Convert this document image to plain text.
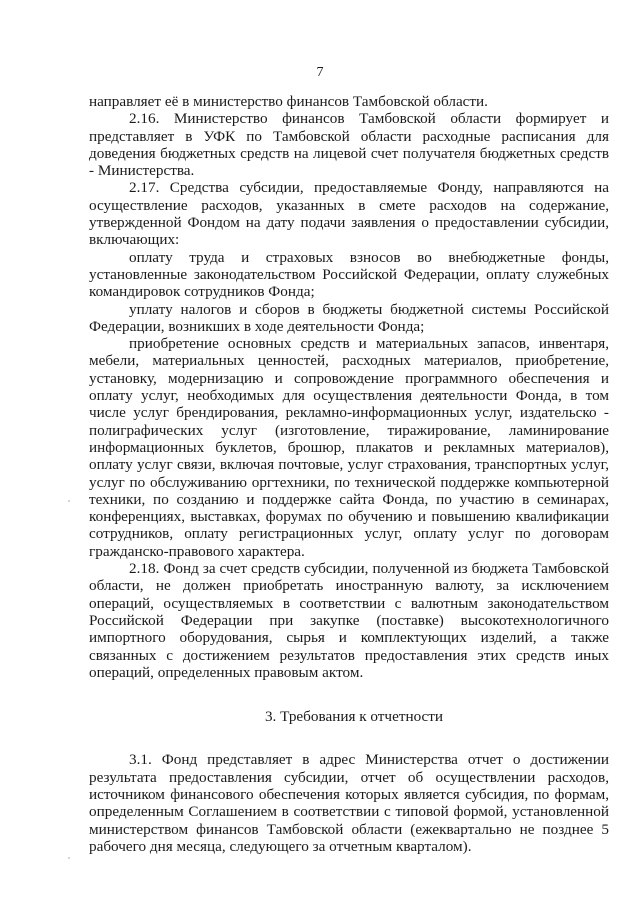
7

направляет её в министерство финансов Тамбовской области.

2.16. Министерство финансов Тамбовской области формирует и представляет в УФК по Тамбовской области расходные расписания для доведения бюджетных средств на лицевой счет получателя бюджетных средств - Министерства.

2.17. Средства субсидии, предоставляемые Фонду, направляются на осуществление расходов, указанных в смете расходов на содержание, утвержденной Фондом на дату подачи заявления о предоставлении субсидии, включающих:

оплату труда и страховых взносов во внебюджетные фонды, установленные законодательством Российской Федерации, оплату служебных командировок сотрудников Фонда;

уплату налогов и сборов в бюджеты бюджетной системы Российской Федерации, возникших в ходе деятельности Фонда;

приобретение основных средств и материальных запасов, инвентаря, мебели, материальных ценностей, расходных материалов, приобретение, установку, модернизацию и сопровождение программного обеспечения и оплату услуг, необходимых для осуществления деятельности Фонда, в том числе услуг брендирования, рекламно-информационных услуг, издательско - полиграфических услуг (изготовление, тиражирование, ламинирование информационных буклетов, брошюр, плакатов и рекламных материалов), оплату услуг связи, включая почтовые, услуг страхования, транспортных услуг, услуг по обслуживанию оргтехники, по технической поддержке компьютерной техники, по созданию и поддержке сайта Фонда, по участию в семинарах, конференциях, выставках, форумах по обучению и повышению квалификации сотрудников, оплату регистрационных услуг, оплату услуг по договорам гражданско-правового характера.

2.18. Фонд за счет средств субсидии, полученной из бюджета Тамбовской области, не должен приобретать иностранную валюту, за исключением операций, осуществляемых в соответствии с валютным законодательством Российской Федерации при закупке (поставке) высокотехнологичного импортного оборудования, сырья и комплектующих изделий, а также связанных с достижением результатов предоставления этих средств иных операций, определенных правовым актом.

3. Требования к отчетности

3.1. Фонд представляет в адрес Министерства отчет о достижении результата предоставления субсидии, отчет об осуществлении расходов, источником финансового обеспечения которых является субсидия, по формам, определенным Соглашением в соответствии с типовой формой, установленной министерством финансов Тамбовской области (ежеквартально не позднее 5 рабочего дня месяца, следующего за отчетным кварталом).
